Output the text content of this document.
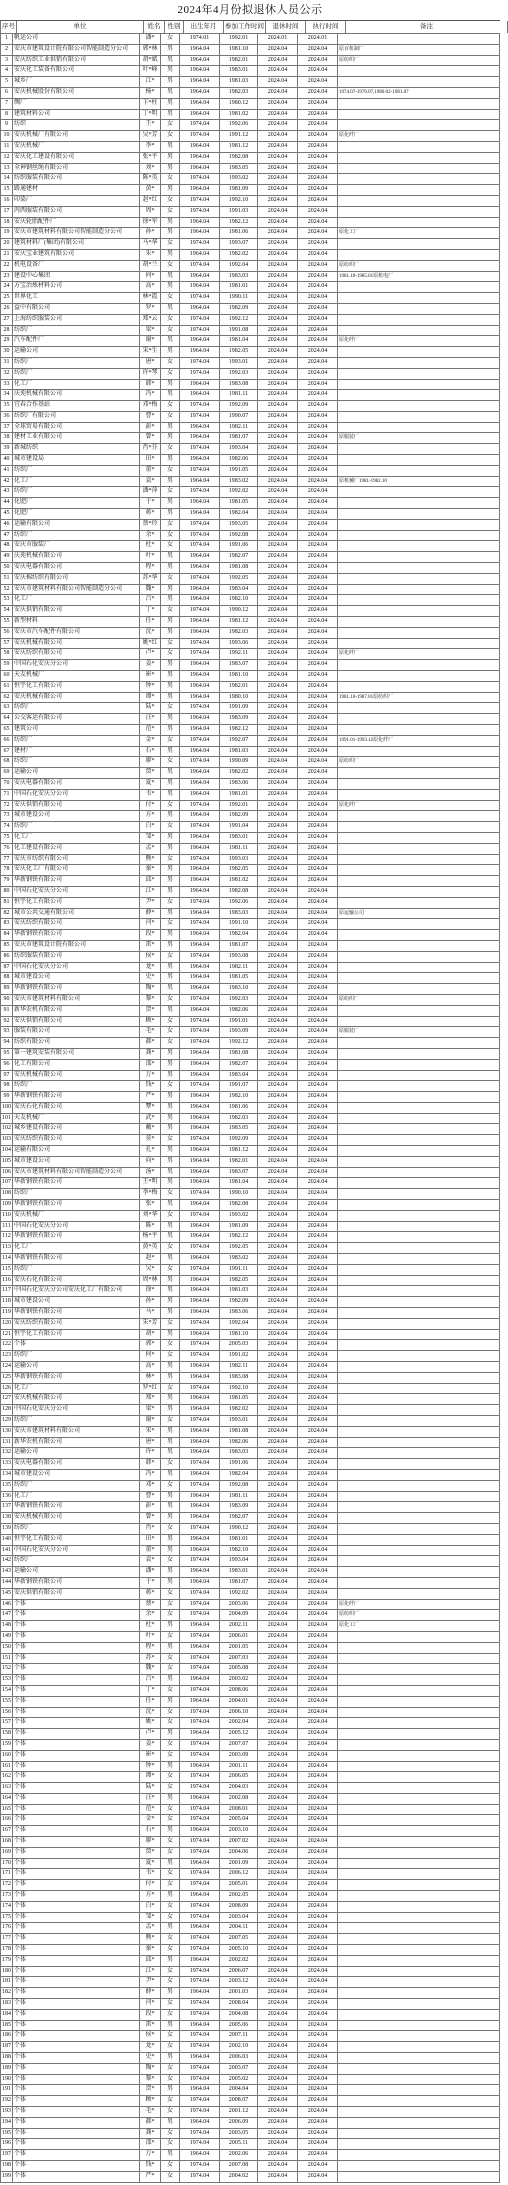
2024年4月份拟退休人员公示
序号	单位	姓名	性别	出生年月	参加工作时间	退休时间	执行时间	备注
1	帆运公司	潘*	女	1974.01	1992.01	2024.01	2024.01
2	安庆市建筑设计院有限公司智能制造分公司	郭*林	男	1964.04	1981.10	2024.04	2024.04	原百机制厂
3	安庆纺织工业供销有限公司	胡*斌	男	1964.04	1982.01	2024.04	2024.04	原纺织厂
4	安庆化工装备有限公司	叶*峰	男	1964.04	1983.01	2024.04	2024.04
5	城乡厂	江*	男	1964.04	1981.03	2024.04	2024.04
6	安庆机械股份有限公司	杨*	男	1964.04	1982.03	2024.04	2024.04	1974.07-1976.07,1980.02-1981.07
7	绸厂	卞*柱	男	1964.04	1980.12	2024.04	2024.04
8	建筑材料公司	丁*明	男	1964.04	1981.02	2024.04	2024.04
9	纺织	王*	女	1974.04	1992.06	2024.04	2024.04
10 安庆机械厂有限公司	吴*芳	女	1974.04	1991.12	2024.04	2024.04	原化纤厂
11 安庆机械厂	李*	男	1964.04	1981.12	2024.04	2024.04
12 安庆化工建设有限公司	张*平	男	1964.04	1982.08	2024.04	2024.04
13 全神钢丝绳有限公司	刘*	男	1964.04	1983.05	2024.04	2024.04
14 纺织服装有限公司	陈*英	女	1974.04	1993.02	2024.04	2024.04
15 路通建材	黄*	男	1964.04	1981.09	2024.04	2024.04
16 印染厂	赵*红	女	1974.04	1992.10	2024.04	2024.04
17 丙西服装有限公司	周*	女	1974.04	1991.03	2024.04	2024.04
18 安庆轮胎配件厂	徐*军	男	1964.04	1982.12	2024.04	2024.04
19 安庆市建筑材料有限公司智能制造分公司	孙*	男	1964.04	1981.06	2024.04	2024.04	原化工厂
20 建筑材料厂(集团)有限公司	马*华	女	1974.04	1993.07	2024.04	2024.04
21 安庆宝业建筑有限公司	朱*	男	1964.04	1982.02	2024.04	2024.04
22 机电设备厂	胡*兰	女	1974.04	1992.04	2024.04	2024.04	原纺织厂
23 建设中心集团	何*	男	1964.04	1983.03	2024.04	2024.04	1981.10-1985.01原机电厂
24 方宝冶炼材料公司	高*	男	1964.04	1981.01	2024.04	2024.04
25 世界化工	林*霞	女	1974.04	1990.11	2024.04	2024.04
26 益中有限公司	罗*	男	1964.04	1982.09	2024.04	2024.04
27 上海纺织服装公司	郑*云	女	1974.04	1992.12	2024.04	2024.04
28 纺织厂	梁*	女	1974.04	1991.08	2024.04	2024.04
29 汽车配件厂	谢*	男	1964.04	1981.04	2024.04	2024.04	原化纤厂
30 运输公司	宋*生	男	1964.04	1982.05	2024.04	2024.04
31 纺织厂	唐*	女	1974.04	1993.01	2024.04	2024.04
32 纺织厂	许*琴	女	1974.04	1992.03	2024.04	2024.04
33 化工厂	韩*	男	1964.04	1983.08	2024.04	2024.04
34 庆苑机械有限公司	冯*	男	1964.04	1981.11	2024.04	2024.04
35 宜春合作基站	邓*梅	女	1974.04	1992.09	2024.04	2024.04
36 纺织厂有限公司	曹*	女	1974.04	1990.07	2024.04	2024.04
37 全球贸易有限公司	彭*	男	1964.04	1982.11	2024.04	2024.04
38 建材工业有限公司	曾*	男	1964.04	1981.07	2024.04	2024.04	原服装厂
39 新城纺织	肖*芬	女	1974.04	1993.04	2024.04	2024.04
40 城市建设局	田*	男	1964.04	1982.06	2024.04	2024.04
41 纺织厂	董*	女	1974.04	1991.05	2024.04	2024.04
42 化工厂	袁*	男	1964.04	1983.02	2024.04	2024.04	原机械厂1981-1982.10
43 纺织厂	潘*萍	女	1974.04	1992.02	2024.04	2024.04
44 化肥厂	于*	男	1964.04	1981.05	2024.04	2024.04
45 化肥厂	蒋*	男	1964.04	1982.04	2024.04	2024.04
46 运输有限公司	蔡*玲	女	1974.04	1993.05	2024.04	2024.04
47 纺织厂	余*	女	1974.04	1992.08	2024.04	2024.04
48 安庆市服装厂	杜*	女	1974.04	1991.06	2024.04	2024.04
49 庆苑机械有限公司	叶*	男	1964.04	1982.07	2024.04	2024.04
50 安庆电器有限公司	程*	男	1964.04	1981.08	2024.04	2024.04
51 安庆棉纺织有限公司	苏*华	女	1974.04	1992.05	2024.04	2024.04
52 安庆市建筑材料有限公司智能制造分公司	魏*	男	1964.04	1983.04	2024.04	2024.04
53 化工厂	吕*	男	1964.04	1982.10	2024.04	2024.04
54 安庆供销有限公司	丁*	女	1974.04	1990.12	2024.04	2024.04
55 新型材料	任*	男	1964.04	1981.12	2024.04	2024.04
56 安庆市汽车配件有限公司	沈*	男	1964.04	1982.03	2024.04	2024.04
57 安庆机械有限公司	姚*红	女	1974.04	1993.06	2024.04	2024.04
58 安庆纺织有限公司	卢*	女	1974.04	1992.11	2024.04	2024.04	原化纤厂
59 中国石化安庆分公司	姜*	男	1964.04	1983.07	2024.04	2024.04
60 天友机械厂	崔*	男	1964.04	1981.10	2024.04	2024.04
61 恒宇化工有限公司	钟*	男	1964.04	1982.01	2024.04	2024.04
62 安庆机械有限公司	谭*	男	1964.04	1980.10	2024.04	2024.04	1981.10-1987.01原纺织厂
63 纺织厂	陆*	女	1974.04	1991.09	2024.04	2024.04
64 公交客运有限公司	汪*	男	1964.04	1983.09	2024.04	2024.04
65 建筑公司	范*	男	1964.04	1982.12	2024.04	2024.04
66 纺织厂	金*	女	1974.04	1992.07	2024.04	2024.04	1991.01-1993.12原化纤厂
67 建材厂	石*	男	1964.04	1981.03	2024.04	2024.04
68 纺织厂	廖*	女	1974.04	1990.09	2024.04	2024.04	原纺织厂
69 运输公司	贾*	男	1964.04	1982.02	2024.04	2024.04
70 安庆电器有限公司	夏*	男	1964.04	1983.06	2024.04	2024.04
71 中国石化安庆分公司	韦*	男	1964.04	1981.01	2024.04	2024.04
72 安庆供销有限公司	付*	女	1974.04	1992.01	2024.04	2024.04	原化纤厂
73 城市建设公司	方*	男	1964.04	1982.09	2024.04	2024.04
74 纺织厂	白*	女	1974.04	1991.04	2024.04	2024.04
75 化工厂	邹*	男	1964.04	1983.01	2024.04	2024.04
76 化工建设有限公司	孟*	男	1964.04	1981.11	2024.04	2024.04
77 安庆市纺织有限公司	熊*	女	1974.04	1993.03	2024.04	2024.04
78 安庆化工厂有限公司	秦*	男	1964.04	1982.05	2024.04	2024.04
79 华新钢铁有限公司	邱*	男	1964.04	1981.02	2024.04	2024.04
80 中国石化安庆分公司	江*	男	1964.04	1982.08	2024.04	2024.04
81 恒宇化工有限公司	尹*	女	1974.04	1992.06	2024.04	2024.04
82 城市公共交通有限公司	薛*	男	1964.04	1983.03	2024.04	2024.04	原运输公司
83 安庆纺织有限公司	闫*	女	1974.04	1991.10	2024.04	2024.04
84 华新钢铁有限公司	段*	男	1964.04	1982.04	2024.04	2024.04
85 安庆市建筑设计院有限公司	雷*	男	1964.04	1981.07	2024.04	2024.04
86 纺织服装有限公司	侯*	女	1974.04	1993.08	2024.04	2024.04
87 中国石化安庆分公司	龙*	男	1964.04	1982.11	2024.04	2024.04
88 城市建设公司	史*	男	1964.04	1981.05	2024.04	2024.04
89 华新钢铁有限公司	陶*	男	1964.04	1983.10	2024.04	2024.04
90 安庆市建筑材料有限公司	黎*	女	1974.04	1992.03	2024.04	2024.04	原纺织厂
91 新华农机有限公司	贺*	男	1964.04	1982.06	2024.04	2024.04
92 安庆供销有限公司	顾*	女	1974.04	1991.01	2024.04	2024.04
93 服装有限公司	毛*	女	1974.04	1993.09	2024.04	2024.04	原服装厂
94 纺织有限公司	郝*	女	1974.04	1992.12	2024.04	2024.04
95 第一建筑安装有限公司	龚*	男	1964.04	1981.08	2024.04	2024.04
96 化工有限公司	邵*	男	1964.04	1982.07	2024.04	2024.04
97 安庆机械有限公司	万*	男	1964.04	1983.04	2024.04	2024.04
98 纺织厂	钱*	女	1974.04	1991.07	2024.04	2024.04
99 华新钢铁有限公司	严*	男	1964.04	1982.10	2024.04	2024.04
100 安庆石化有限公司	覃*	男	1964.04	1981.06	2024.04	2024.04
101 天友机械厂	武*	男	1964.04	1982.03	2024.04	2024.04
102 城乡建设有限公司	戴*	男	1964.04	1983.05	2024.04	2024.04
103 安庆纺织有限公司	莫*	女	1974.04	1992.09	2024.04	2024.04
104 运输有限公司	孔*	男	1964.04	1981.12	2024.04	2024.04
105 城市建设公司	向*	男	1964.04	1982.01	2024.04	2024.04
106 安庆市建筑材料有限公司智能制造分公司	汤*	男	1964.04	1983.07	2024.04	2024.04
107 华新钢铁有限公司	王*明	男	1964.04	1981.04	2024.04	2024.04
108 纺织厂	李*梅	女	1974.04	1990.10	2024.04	2024.04
109 华新钢铁有限公司	张*	男	1964.04	1982.08	2024.04	2024.04
110 安庆机械厂	刘*华	女	1974.04	1993.02	2024.04	2024.04
111 中国石化安庆分公司	陈*	男	1964.04	1981.09	2024.04	2024.04
112 华新钢铁有限公司	杨*平	男	1964.04	1982.12	2024.04	2024.04
113 化工厂	黄*英	女	1974.04	1992.05	2024.04	2024.04
114 华新钢铁有限公司	赵*	男	1964.04	1983.02	2024.04	2024.04
115 纺织厂	吴*	女	1974.04	1991.11	2024.04	2024.04
116 安庆石化有限公司	周*林	男	1964.04	1982.05	2024.04	2024.04
117 中国石化安庆分公司安庆化工厂有限公司	徐*	男	1964.04	1981.03	2024.04	2024.04
118 城市建设公司	孙*	男	1964.04	1982.09	2024.04	2024.04
119 华新钢铁有限公司	马*	男	1964.04	1983.06	2024.04	2024.04
120 安庆纺织有限公司	朱*芳	女	1974.04	1992.04	2024.04	2024.04
121 恒宇化工有限公司	胡*	男	1964.04	1981.10	2024.04	2024.04
122 个体	郭*	女	1974.04	2005.03	2024.04	2024.04
123 纺织厂	何*	女	1974.04	1991.02	2024.04	2024.04
124 运输公司	高*	男	1964.04	1982.11	2024.04	2024.04
125 华新钢铁有限公司	林*	男	1964.04	1983.08	2024.04	2024.04
126 化工厂	罗*红	女	1974.04	1992.10	2024.04	2024.04
127 安庆机械有限公司	郑*	男	1964.04	1981.05	2024.04	2024.04
128 中国石化安庆分公司	梁*	男	1964.04	1982.02	2024.04	2024.04
129 纺织厂	谢*	女	1974.04	1993.01	2024.04	2024.04
130 安庆市建筑材料有限公司	宋*	男	1964.04	1981.08	2024.04	2024.04
131 新华农机有限公司	唐*	男	1964.04	1982.06	2024.04	2024.04
132 运输公司	许*	男	1964.04	1983.03	2024.04	2024.04
133 安庆电器有限公司	韩*	女	1974.04	1991.06	2024.04	2024.04
134 城市建设公司	冯*	男	1964.04	1982.04	2024.04	2024.04
135 纺织厂	邓*	女	1974.04	1992.08	2024.04	2024.04
136 化工厂	曹*	男	1964.04	1981.11	2024.04	2024.04
137 华新钢铁有限公司	彭*	男	1964.04	1983.09	2024.04	2024.04
138 安庆机械有限公司	曾*	男	1964.04	1982.07	2024.04	2024.04
139 纺织厂	肖*	女	1974.04	1990.12	2024.04	2024.04
140 恒宇化工有限公司	田*	男	1964.04	1981.01	2024.04	2024.04
141 中国石化安庆分公司	董*	男	1964.04	1982.10	2024.04	2024.04
142 纺织厂	袁*	女	1974.04	1993.04	2024.04	2024.04
143 运输公司	潘*	男	1964.04	1983.01	2024.04	2024.04
144 华新钢铁有限公司	于*	男	1964.04	1981.07	2024.04	2024.04
145 安庆供销有限公司	蒋*	女	1974.04	1992.02	2024.04	2024.04
146 个体	蔡*	女	1974.04	2003.06	2024.04	2024.04	原化纤厂
147 个体	余*	女	1974.04	2004.09	2024.04	2024.04	原纺织厂
148 个体	杜*	男	1964.04	2002.11	2024.04	2024.04	原化工厂
149 个体	叶*	女	1974.04	2006.01	2024.04	2024.04
150 个体	程*	男	1964.04	2001.05	2024.04	2024.04
151 个体	苏*	女	1974.04	2007.03	2024.04	2024.04
152 个体	魏*	女	1974.04	2005.08	2024.04	2024.04
153 个体	吕*	男	1964.04	2003.02	2024.04	2024.04
154 个体	丁*	女	1974.04	2008.06	2024.04	2024.04
155 个体	任*	男	1964.04	2004.01	2024.04	2024.04
156 个体	沈*	女	1974.04	2006.10	2024.04	2024.04
157 个体	姚*	女	1974.04	2002.04	2024.04	2024.04
158 个体	卢*	男	1964.04	2005.12	2024.04	2024.04
159 个体	姜*	女	1974.04	2007.07	2024.04	2024.04
160 个体	崔*	女	1974.04	2003.09	2024.04	2024.04
161 个体	钟*	男	1964.04	2001.11	2024.04	2024.04
162 个体	谭*	女	1974.04	2006.05	2024.04	2024.04
163 个体	陆*	女	1974.04	2004.03	2024.04	2024.04
164 个体	汪*	男	1964.04	2002.08	2024.04	2024.04
165 个体	范*	女	1974.04	2008.01	2024.04	2024.04
166 个体	金*	女	1974.04	2005.04	2024.04	2024.04
167 个体	石*	男	1964.04	2003.10	2024.04	2024.04
168 个体	廖*	女	1974.04	2007.02	2024.04	2024.04
169 个体	贾*	女	1974.04	2004.06	2024.04	2024.04
170 个体	夏*	男	1964.04	2001.09	2024.04	2024.04
171 个体	韦*	女	1974.04	2006.12	2024.04	2024.04
172 个体	付*	女	1974.04	2005.01	2024.04	2024.04
173 个体	方*	男	1964.04	2002.05	2024.04	2024.04
174 个体	白*	女	1974.04	2008.09	2024.04	2024.04
175 个体	邹*	女	1974.04	2003.04	2024.04	2024.04
176 个体	孟*	男	1964.04	2004.11	2024.04	2024.04
177 个体	熊*	女	1974.04	2007.05	2024.04	2024.04
178 个体	秦*	女	1974.04	2005.10	2024.04	2024.04
179 个体	邱*	男	1964.04	2002.02	2024.04	2024.04
180 个体	江*	女	1974.04	2006.07	2024.04	2024.04
181 个体	尹*	女	1974.04	2003.12	2024.04	2024.04
182 个体	薛*	男	1964.04	2001.03	2024.04	2024.04
183 个体	闫*	女	1974.04	2008.04	2024.04	2024.04
184 个体	段*	女	1974.04	2004.08	2024.04	2024.04
185 个体	雷*	男	1964.04	2005.06	2024.04	2024.04
186 个体	侯*	女	1974.04	2007.11	2024.04	2024.04
187 个体	龙*	女	1974.04	2002.10	2024.04	2024.04
188 个体	史*	男	1964.04	2006.03	2024.04	2024.04
189 个体	陶*	女	1974.04	2003.07	2024.04	2024.04
190 个体	黎*	女	1974.04	2005.02	2024.04	2024.04
191 个体	贺*	男	1964.04	2004.04	2024.04	2024.04
192 个体	顾*	女	1974.04	2008.07	2024.04	2024.04
193 个体	毛*	女	1974.04	2001.12	2024.04	2024.04
194 个体	郝*	男	1964.04	2006.09	2024.04	2024.04
195 个体	龚*	女	1974.04	2003.05	2024.04	2024.04
196 个体	邵*	女	1974.04	2005.11	2024.04	2024.04
197 个体	万*	男	1964.04	2002.06	2024.04	2024.04
198 个体	钱*	女	1974.04	2007.08	2024.04	2024.04
199 个体	严*	女	1974.04	2004.02	2024.04	2024.04
